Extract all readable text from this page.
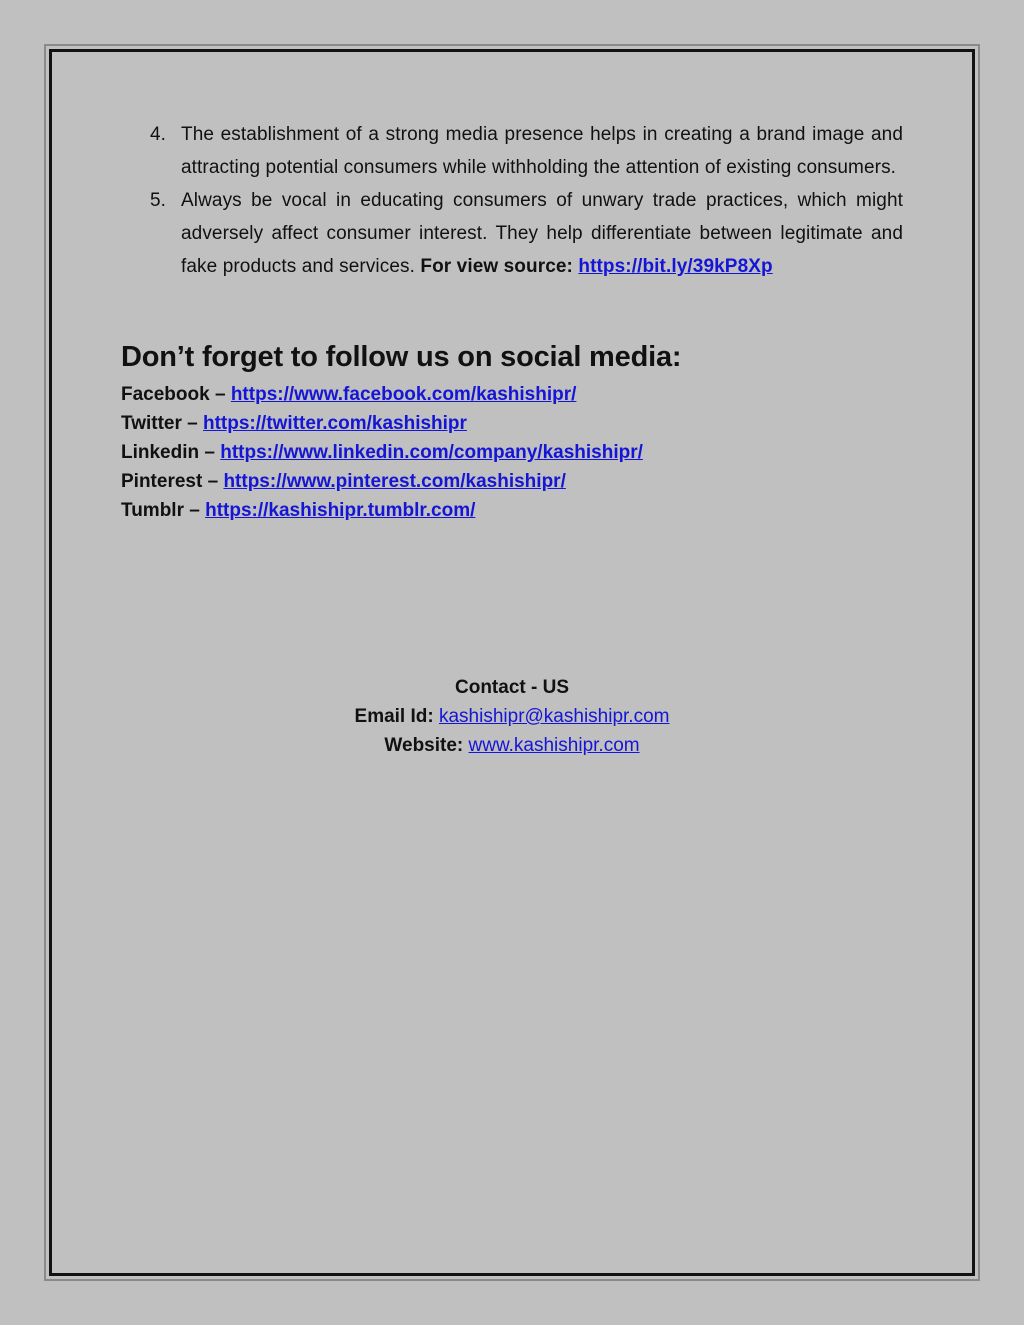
4. The establishment of a strong media presence helps in creating a brand image and attracting potential consumers while withholding the attention of existing consumers.
5. Always be vocal in educating consumers of unwary trade practices, which might adversely affect consumer interest. They help differentiate between legitimate and fake products and services. For view source: https://bit.ly/39kP8Xp
Don’t forget to follow us on social media:
Facebook – https://www.facebook.com/kashishipr/
Twitter – https://twitter.com/kashishipr
Linkedin – https://www.linkedin.com/company/kashishipr/
Pinterest – https://www.pinterest.com/kashishipr/
Tumblr – https://kashishipr.tumblr.com/
Contact - US
Email Id: kashishipr@kashishipr.com
Website: www.kashishipr.com
